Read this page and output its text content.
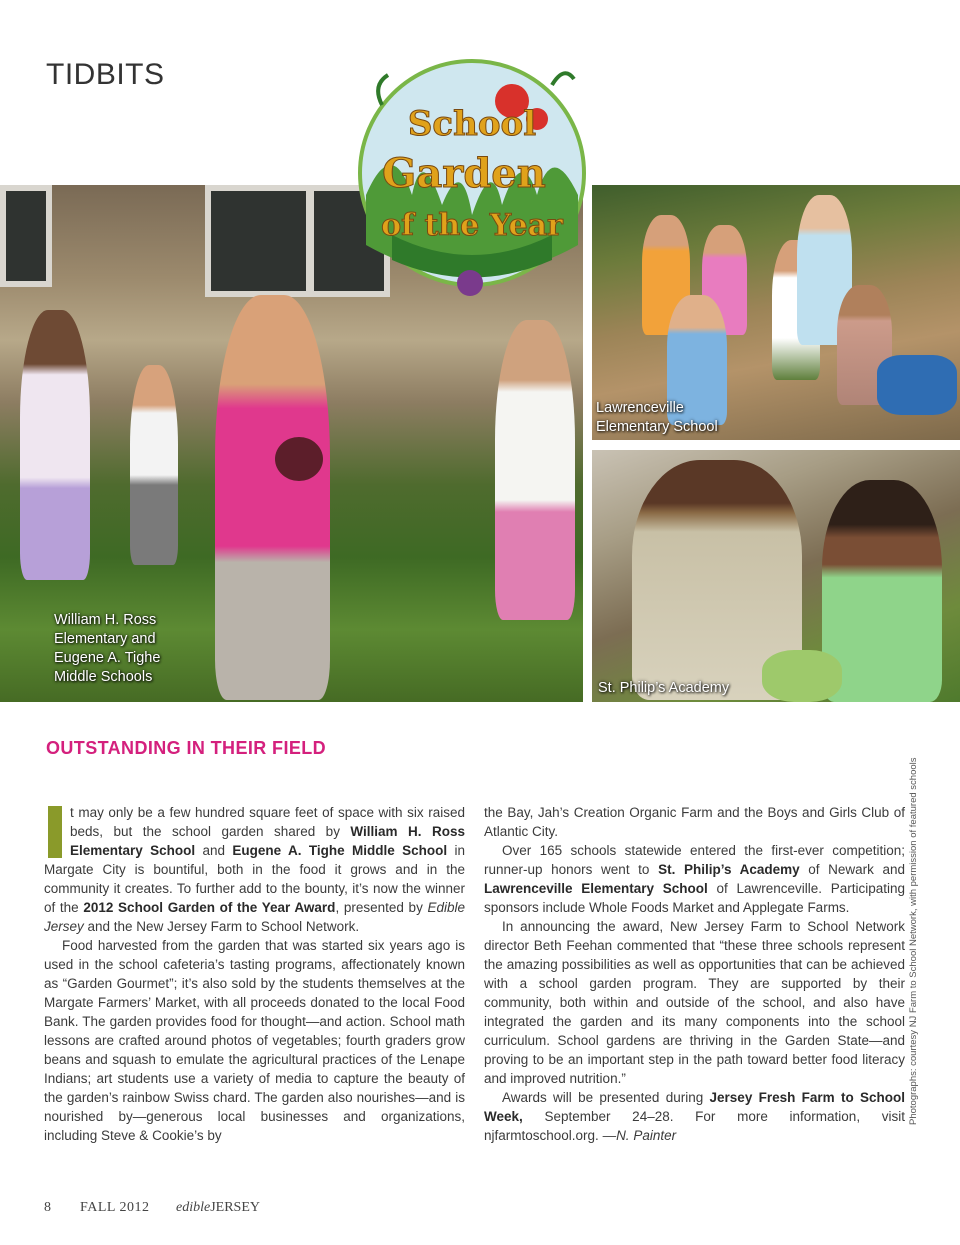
TIDBITS
William H. Ross
Elementary and
Eugene A. Tighe
Middle Schools
Lawrenceville
Elementary School
St. Philip’s Academy
School
Garden
of the Year
OUTSTANDING IN THEIR FIELD

t may only be a few hundred square feet of space with six raised beds, but the school garden shared by William H. Ross Elementary School and Eugene A. Tighe Middle School in Margate City is bountiful, both in the food it grows and in the community it creates. To further add to the bounty, it’s now the winner of the 2012 School Garden of the Year Award, presented by Edible Jersey and the New Jersey Farm to School Network.

Food harvested from the garden that was started six years ago is used in the school cafeteria’s tasting programs, affectionately known as “Garden Gourmet”; it’s also sold by the students themselves at the Margate Farmers’ Market, with all proceeds donated to the local Food Bank. The garden provides food for thought—and action. School math lessons are crafted around photos of vegetables; fourth graders grow beans and squash to emulate the agricultural practices of the Lenape Indians; art students use a variety of media to capture the beauty of the garden’s rainbow Swiss chard. The garden also nourishes—and is nourished by—generous local businesses and organizations, including Steve & Cookie’s by

the Bay, Jah’s Creation Organic Farm and the Boys and Girls Club of Atlantic City.

Over 165 schools statewide entered the first-ever competition; runner-up honors went to St. Philip’s Academy of Newark and Lawrenceville Elementary School of Lawrenceville. Participating sponsors include Whole Foods Market and Applegate Farms.

In announcing the award, New Jersey Farm to School Network director Beth Feehan commented that “these three schools represent the amazing possibilities as well as opportunities that can be achieved with a school garden program. They are supported by their community, both within and outside of the school, and also have integrated the garden and its many components into the school curriculum. School gardens are thriving in the Garden State—and proving to be an important step in the path toward better food literacy and improved nutrition.”

Awards will be presented during Jersey Fresh Farm to School Week, September 24–28. For more information, visit njfarmtoschool.org. —N. Painter

Photographs: courtesy NJ Farm to School Network, with permission of featured schools
8 FALL 2012 edibleJERSEY
